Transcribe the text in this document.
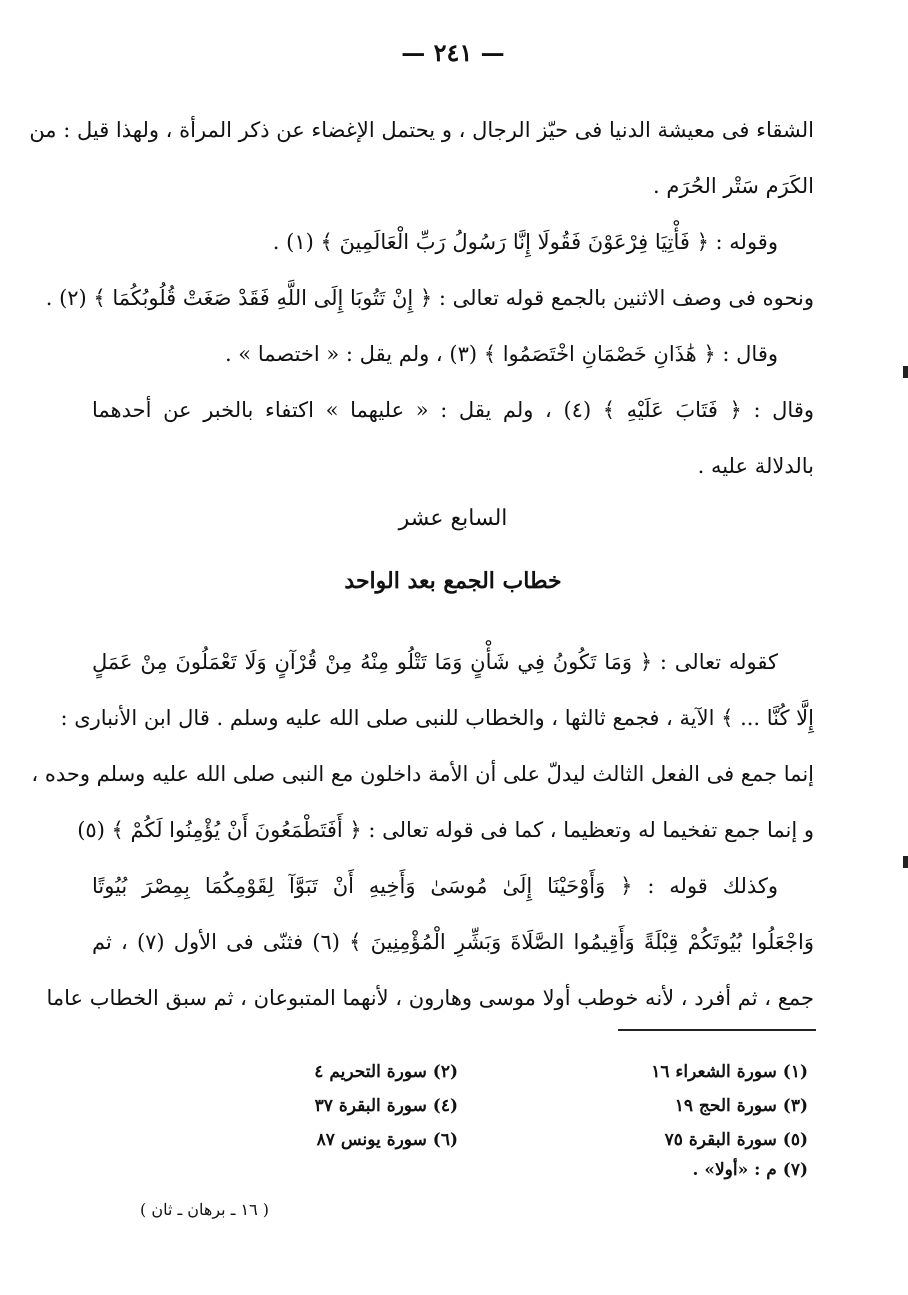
— ٢٤١ —
الشقاء فى معيشة الدنيا فى حيّز الرجال ، و يحتمل الإغضاء عن ذكر المرأة ، ولهذا قيل : من
الكَرَم سَتْر الحُرَم .
وقوله : ﴿ فَأْتِيَا فِرْعَوْنَ فَقُولَا إِنَّا رَسُولُ رَبِّ الْعَالَمِينَ ﴾ (١) .
ونحوه فى وصف الاثنين بالجمع قوله تعالى : ﴿ إِنْ تَتُوبَا إِلَى اللَّهِ فَقَدْ صَغَتْ قُلُوبُكُمَا ﴾ (٢) .
وقال : ﴿ هَٰذَانِ خَصْمَانِ اخْتَصَمُوا ﴾ (٣) ، ولم يقل : « اختصما » .
وقال : ﴿ فَتَابَ عَلَيْهِ ﴾ (٤) ، ولم يقل : « عليهما » اكتفاء بالخبر عن أحدهما
بالدلالة عليه .
السابع عشر
خطاب الجمع بعد الواحد
كقوله تعالى : ﴿ وَمَا تَكُونُ فِي شَأْنٍ وَمَا تَتْلُو مِنْهُ مِنْ قُرْآنٍ وَلَا تَعْمَلُونَ مِنْ عَمَلٍ
إِلَّا كُنَّا ... ﴾ الآية ، فجمع ثالثها ، والخطاب للنبى صلى الله عليه وسلم . قال ابن الأنبارى :
إنما جمع فى الفعل الثالث ليدلّ على أن الأمة داخلون مع النبى صلى الله عليه وسلم وحده ،
و إنما جمع تفخيما له وتعظيما ، كما فى قوله تعالى : ﴿ أَفَتَطْمَعُونَ أَنْ يُؤْمِنُوا لَكُمْ ﴾ (٥)
وكذلك قوله : ﴿ وَأَوْحَيْنَا إِلَىٰ مُوسَىٰ وَأَخِيهِ أَنْ تَبَوَّآ لِقَوْمِكُمَا بِمِصْرَ بُيُوتًا
وَاجْعَلُوا بُيُوتَكُمْ قِبْلَةً وَأَقِيمُوا الصَّلَاةَ وَبَشِّرِ الْمُؤْمِنِينَ ﴾ (٦) فثنّى فى الأول (٧) ، ثم
جمع ، ثم أفرد ، لأنه خوطب أولا موسى وهارون ، لأنهما المتبوعان ، ثم سبق الخطاب عاما
(١) سورة الشعراء ١٦
(٢) سورة التحريم ٤
(٣) سورة الحج ١٩
(٤) سورة البقرة ٣٧
(٥) سورة البقرة ٧٥
(٦) سورة يونس ٨٧
(٧) م : «أولا» .
( ١٦ ـ برهان ـ ثان )
